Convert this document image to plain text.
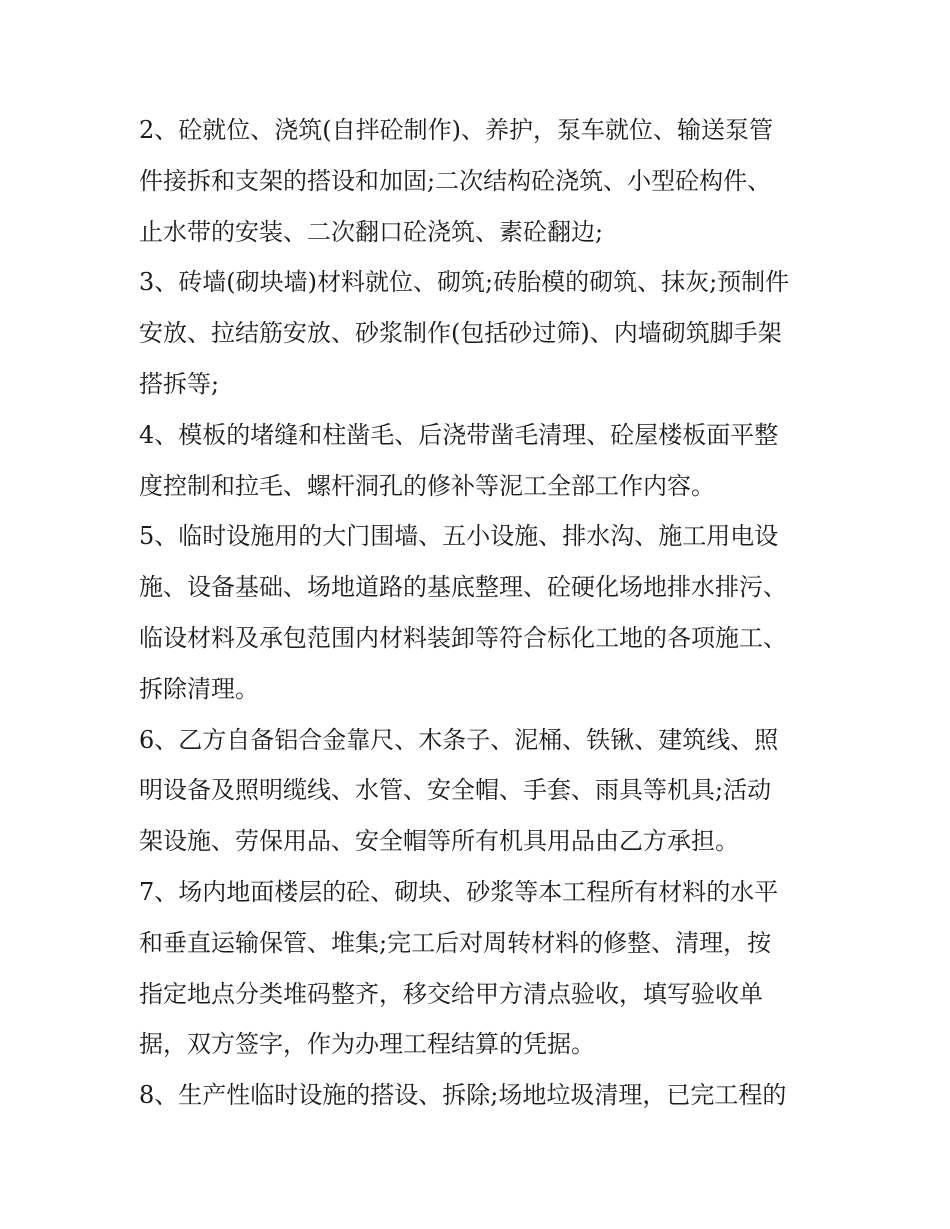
2、砼就位、浇筑(自拌砼制作)、养护，泵车就位、输送泵管
件接拆和支架的搭设和加固;二次结构砼浇筑、小型砼构件、
止水带的安装、二次翻口砼浇筑、素砼翻边;
3、砖墙(砌块墙)材料就位、砌筑;砖胎模的砌筑、抹灰;预制件
安放、拉结筋安放、砂浆制作(包括砂过筛)、内墙砌筑脚手架
搭拆等;
4、模板的堵缝和柱凿毛、后浇带凿毛清理、砼屋楼板面平整
度控制和拉毛、螺杆洞孔的修补等泥工全部工作内容。
5、临时设施用的大门围墙、五小设施、排水沟、施工用电设
施、设备基础、场地道路的基底整理、砼硬化场地排水排污、
临设材料及承包范围内材料装卸等符合标化工地的各项施工、
拆除清理。
6、乙方自备铝合金靠尺、木条子、泥桶、铁锹、建筑线、照
明设备及照明缆线、水管、安全帽、手套、雨具等机具;活动
架设施、劳保用品、安全帽等所有机具用品由乙方承担。
7、场内地面楼层的砼、砌块、砂浆等本工程所有材料的水平
和垂直运输保管、堆集;完工后对周转材料的修整、清理，按
指定地点分类堆码整齐，移交给甲方清点验收，填写验收单
据，双方签字，作为办理工程结算的凭据。
8、生产性临时设施的搭设、拆除;场地垃圾清理，已完工程的
